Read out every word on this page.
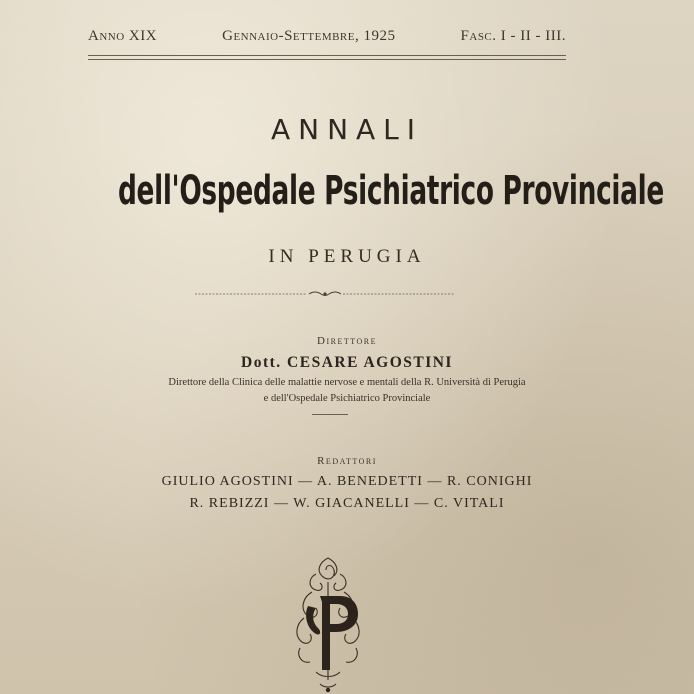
Anno XIX	Gennaio-Settembre, 1925	Fasc. I - II - III.
ANNALI
dell'Ospedale Psichiatrico Provinciale
IN PERUGIA
Direttore
Dott. CESARE AGOSTINI
Direttore della Clinica delle malattie nervose e mentali della R. Università di Perugia
e dell'Ospedale Psichiatrico Provinciale
Redattori
GIULIO AGOSTINI — A. BENEDETTI — R. CONIGHI
R. REBIZZI — W. GIACANELLI — C. VITALI
